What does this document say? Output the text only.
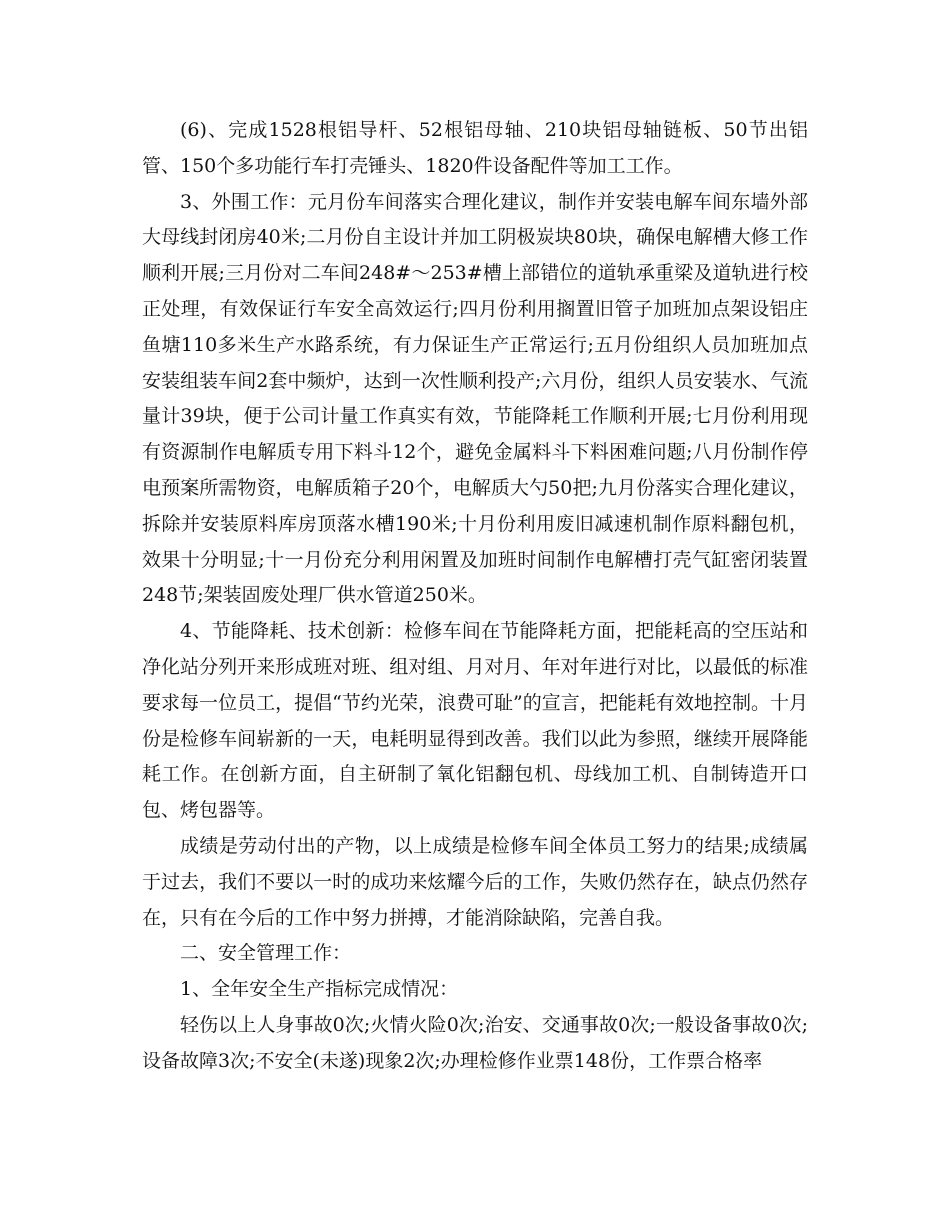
(6)、完成1528根铝导杆、52根铝母轴、210块铝母轴链板、50节出铝管、150个多功能行车打壳锤头、1820件设备配件等加工工作。

3、外围工作：元月份车间落实合理化建议，制作并安装电解车间东墙外部大母线封闭房40米;二月份自主设计并加工阴极炭块80块，确保电解槽大修工作顺利开展;三月份对二车间248#～253#槽上部错位的道轨承重梁及道轨进行校正处理，有效保证行车安全高效运行;四月份利用搁置旧管子加班加点架设铝庄鱼塘110多米生产水路系统，有力保证生产正常运行;五月份组织人员加班加点安装组装车间2套中频炉，达到一次性顺利投产;六月份，组织人员安装水、气流量计39块，便于公司计量工作真实有效，节能降耗工作顺利开展;七月份利用现有资源制作电解质专用下料斗12个，避免金属料斗下料困难问题;八月份制作停电预案所需物资，电解质箱子20个，电解质大勺50把;九月份落实合理化建议，拆除并安装原料库房顶落水槽190米;十月份利用废旧减速机制作原料翻包机，效果十分明显;十一月份充分利用闲置及加班时间制作电解槽打壳气缸密闭装置248节;架装固废处理厂供水管道250米。

4、节能降耗、技术创新：检修车间在节能降耗方面，把能耗高的空压站和净化站分列开来形成班对班、组对组、月对月、年对年进行对比，以最低的标准要求每一位员工，提倡“节约光荣，浪费可耻”的宣言，把能耗有效地控制。十月份是检修车间崭新的一天，电耗明显得到改善。我们以此为参照，继续开展降能耗工作。在创新方面，自主研制了氧化铝翻包机、母线加工机、自制铸造开口包、烤包器等。

成绩是劳动付出的产物，以上成绩是检修车间全体员工努力的结果;成绩属于过去，我们不要以一时的成功来炫耀今后的工作，失败仍然存在，缺点仍然存在，只有在今后的工作中努力拼搏，才能消除缺陷，完善自我。

二、安全管理工作：

1、全年安全生产指标完成情况：

轻伤以上人身事故0次;火情火险0次;治安、交通事故0次;一般设备事故0次;设备故障3次;不安全(未遂)现象2次;办理检修作业票148份，工作票合格率
